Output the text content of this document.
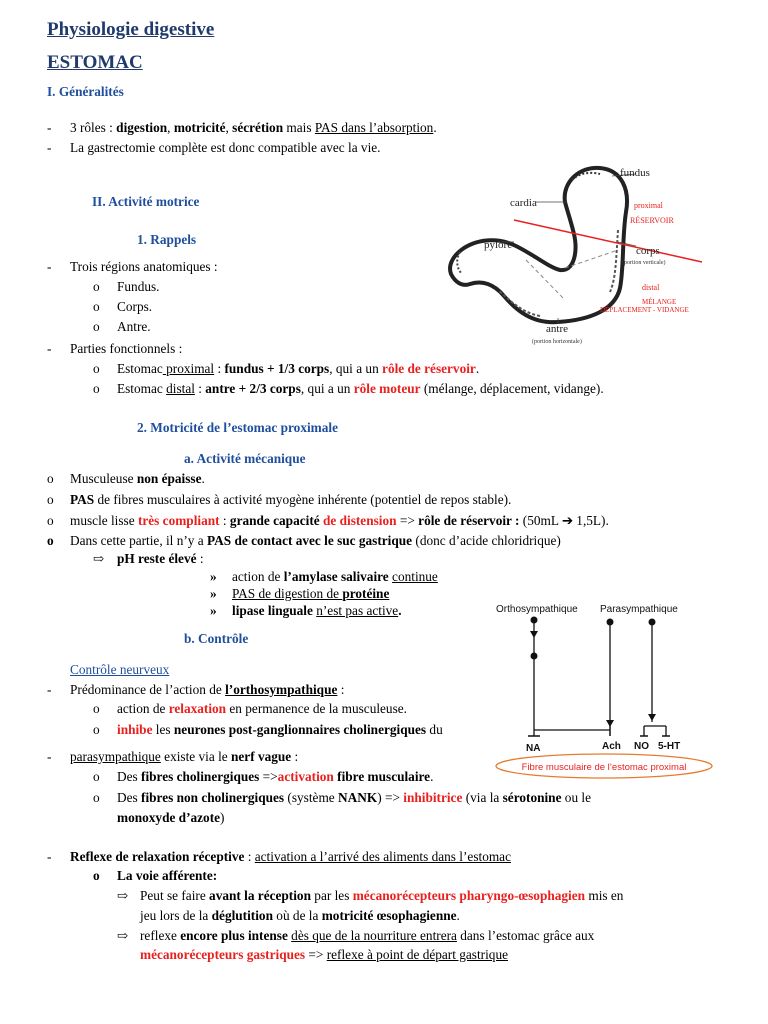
Physiologie digestive
ESTOMAC
I. Généralités
- 3 rôles : digestion, motricité, sécrétion mais PAS dans l’absorption.
- La gastrectomie complète est donc compatible avec la vie.
II. Activité motrice
1. Rappels
- Trois régions anatomiques :
o Fundus.
o Corps.
o Antre.
- Parties fonctionnels :
o Estomac proximal : fundus + 1/3 corps, qui a un rôle de réservoir.
o Estomac distal : antre + 2/3 corps, qui a un rôle moteur (mélange, déplacement, vidange).
fundus
cardia	proximal
RÉSERVOIR
pylore	corps
(portion verticale)
distal
MÉLANGE
DÉPLACEMENT - VIDANGE
antre
(portion horizontale)
2. Motricité de l’estomac proximale
a. Activité mécanique
o Musculeuse non épaisse.
o PAS de fibres musculaires à activité myogène inhérente (potentiel de repos stable).
o muscle lisse très compliant : grande capacité de distension => rôle de réservoir : (50mL ➔ 1,5L).
o Dans cette partie, il n’y a PAS de contact avec le suc gastrique (donc d’acide chloridrique)
⇨ pH reste élevé :
» action de l’amylase salivaire continue
» PAS de digestion de protéine
» lipase linguale n’est pas active.
b. Contrôle
Contrôle neurveux
- Prédominance de l’action de l’orthosympathique :
o action de relaxation en permanence de la musculeuse.
o inhibe les neurones post-ganglionnaires cholinergiques du
- parasympathique existe via le nerf vague :
o Des fibres cholinergiques =>activation fibre musculaire.
o Des fibres non cholinergiques (système NANK) => inhibitrice (via la sérotonine ou le
monoxyde d’azote)
Orthosympathique Parasympathique
NA	Ach NO 5-HT
Fibre musculaire de l’estomac proximal
- Reflexe de relaxation réceptive : activation a l’arrivé des aliments dans l’estomac
o La voie afférente:
⇨ Peut se faire avant la réception par les mécanorécepteurs pharyngo-œsophagien mis en
jeu lors de la déglutition où de la motricité œsophagienne.
⇨ reflexe encore plus intense dès que de la nourriture entrera dans l’estomac grâce aux
mécanorécepteurs gastriques => reflexe à point de départ gastrique
